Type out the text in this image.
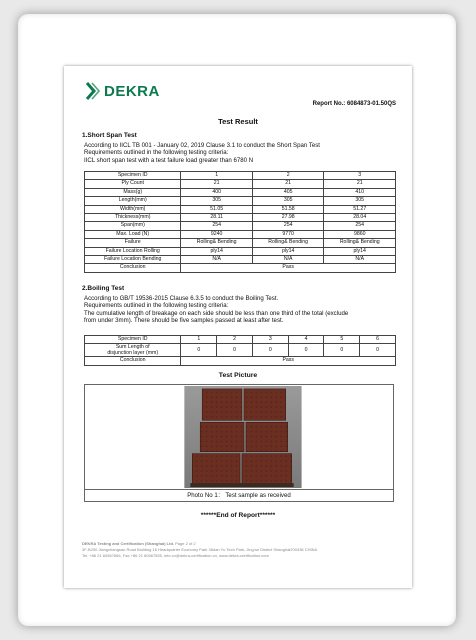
DEKRA
Report No.: 6084873-01.50QS
Test Result
1.Short Span Test
According to IICL TB 001 - January 02, 2019 Clause 3.1 to conduct the Short Span Test
Requirements outlined in the following testing criteria:
IICL short span test with a test failure load greater than 6780 N
Specimen ID	1	2	3
Ply Count	21	21	21
Mass(g)	400	405	410
Length(mm)	305	305	305
Width(mm)	51.05	51.58	51.27
Thickness(mm)	28.11	27.98	28.04
Span(mm)	254	254	254
Max. Load (N)	9240	9770	9860
Failure	Rolling& Bending	Rolling& Bending	Rolling& Bending
Failure Location Rolling	ply14	ply14	ply14
Failure Location Bending	N/A	N/A	N/A
Conclusion	Pass		
2.Boiling Test
According to GB/T 19536-2015 Clause 6.3.5 to conduct the Boiling Test.
Requirements outlined in the following testing criteria:
The cumulative length of breakage on each side should be less than one third of the total (exclude
from under 3mm). There should be five samples passed at least after test.
Specimen ID	1	2	3	4	5	6

Sum Length of
disjunction layer (mm)	0	0	0	0	0	0
Conclusion	Pass					
Test Picture
Photo No 1： Test sample as received
******End of Report******
DEKRA Testing and Certification (Shanghai) Ltd. Page 2 of 2
3F-B250 Jiangchangsan Road Building 16 Headquarter Economy Park 36dan Yu Tech Park, Jing'an District Shanghai200436 CHINA
Tel. +86 21 60567666, Fax +86 21 60567555, info.cn@dekra-certification.cn, www.dekra-certification.com
